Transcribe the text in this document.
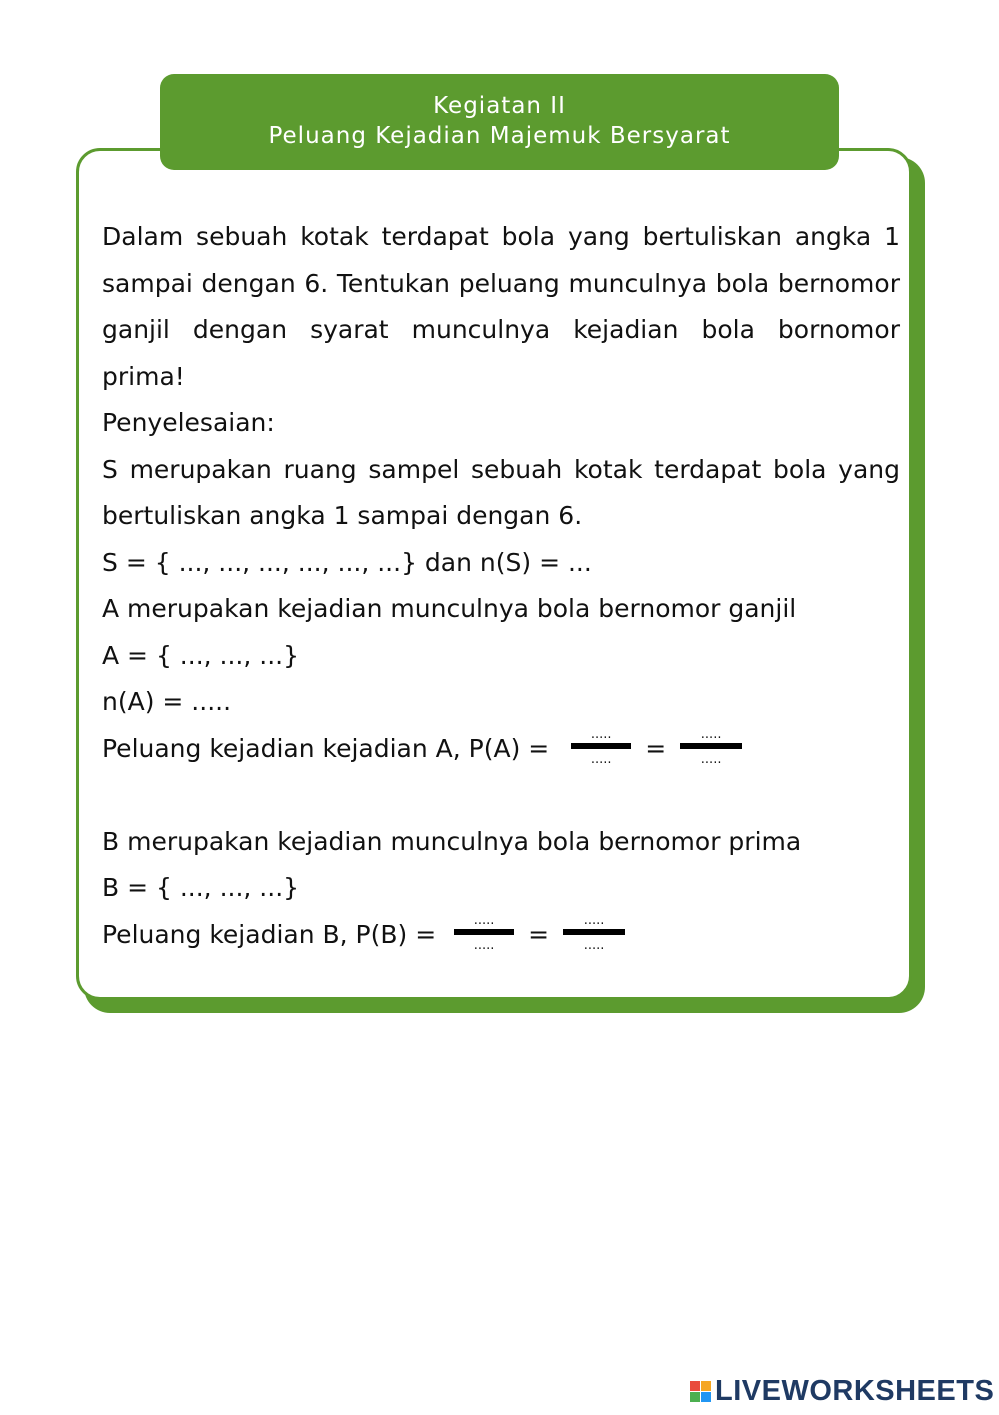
Kegiatan II
Peluang Kejadian Majemuk Bersyarat

Dalam sebuah kotak terdapat bola yang bertuliskan angka 1 sampai dengan 6. Tentukan peluang munculnya bola bernomor ganjil dengan syarat munculnya kejadian bola bornomor prima!

Penyelesaian:

S merupakan ruang sampel sebuah kotak terdapat bola yang bertuliskan angka 1 sampai dengan 6.

S = { ..., ..., ..., ..., ..., ...} dan n(S) = ...

A merupakan kejadian munculnya bola bernomor ganjil

A = { ..., ..., ...}

n(A) = .....

Peluang kejadian kejadian A, P(A) =	.....
.....	=	.....
.....

B merupakan kejadian munculnya bola bernomor prima

B = { ..., ..., ...}

Peluang kejadian B, P(B) =	.....
.....	=	.....
.....

LIVEWORKSHEETS
